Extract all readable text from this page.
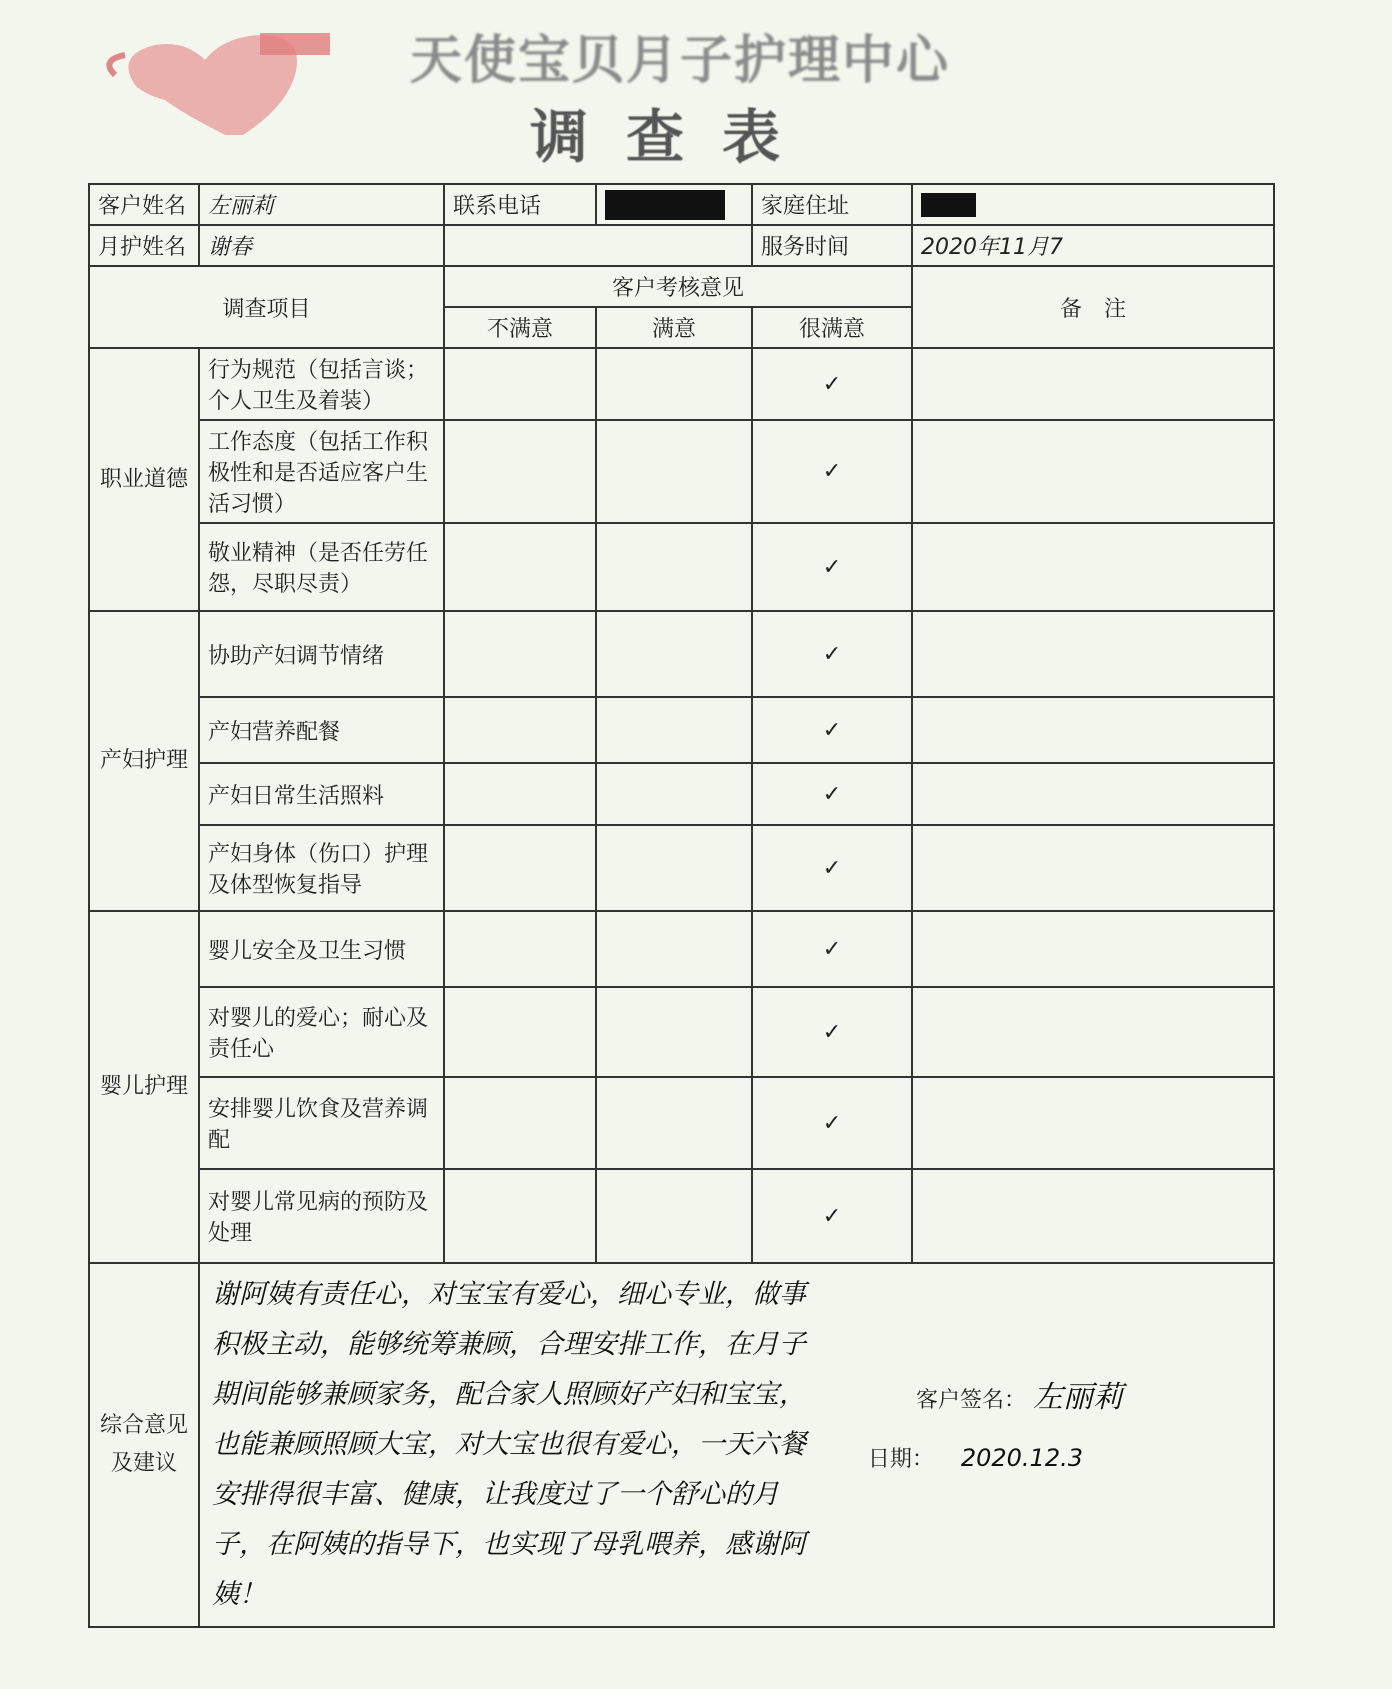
天使宝贝月子护理中心
调查表
客户姓名	左丽莉	联系电话		家庭住址	
月护姓名	谢春			服务时间	2020年11月7
调查项目		客户考核意见			备　注
		不满意	满意	很满意	
职业道德	行为规范（包括言谈；个人卫生及着装）			✓	
	工作态度（包括工作积极性和是否适应客户生活习惯）			✓	
	敬业精神（是否任劳任怨，尽职尽责）			✓	
产妇护理	协助产妇调节情绪			✓	
	产妇营养配餐			✓	
	产妇日常生活照料			✓	
	产妇身体（伤口）护理及体型恢复指导			✓	
婴儿护理	婴儿安全及卫生习惯			✓	
	对婴儿的爱心；耐心及责任心			✓	
	安排婴儿饮食及营养调配			✓	
	对婴儿常见病的预防及处理			✓	
综合意见及建议	谢阿姨有责任心，对宝宝有爱心，细心专业，做事积极主动，能够统筹兼顾，合理安排工作，在月子期间能够兼顾家务，配合家人照顾好产妇和宝宝，也能兼顾照顾大宝，对大宝也很有爱心，一天六餐安排得很丰富、健康，让我度过了一个舒心的月子，在阿姨的指导下，也实现了母乳喂养，感谢阿姨！
客户签名： 左丽莉
日期： 2020.12.3				
